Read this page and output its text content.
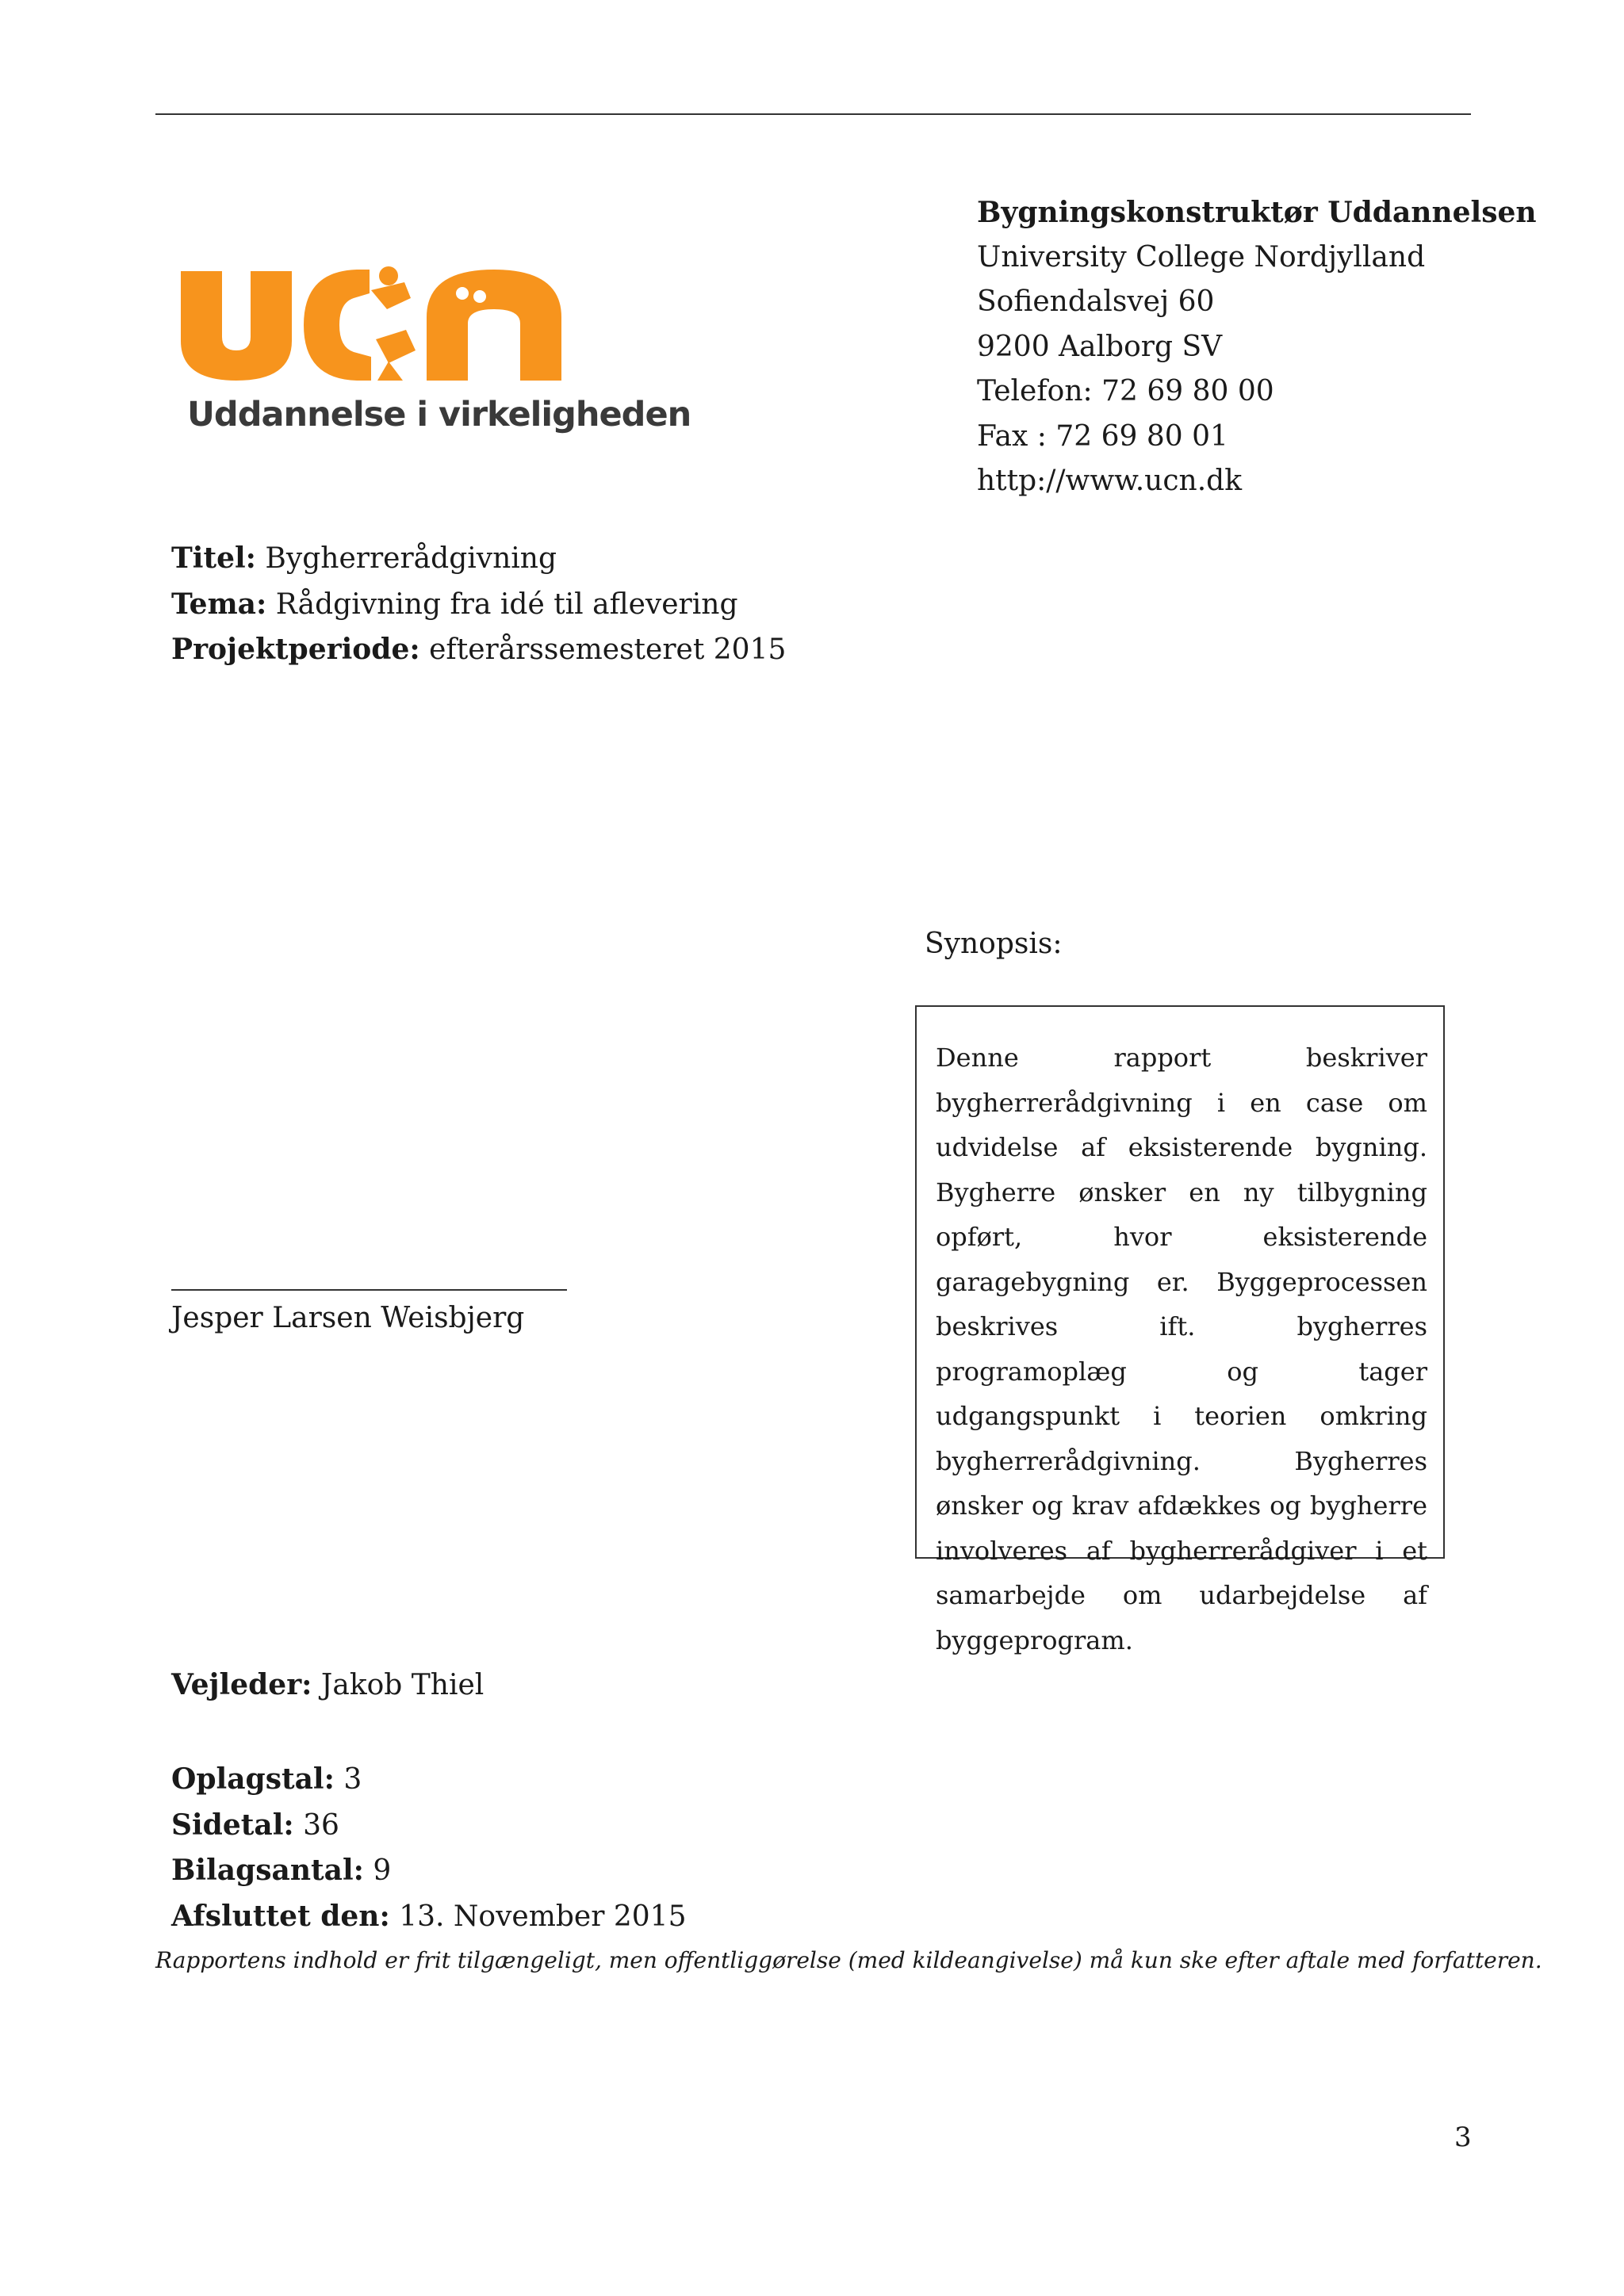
Uddannelse i virkeligheden
Bygningskonstruktør Uddannelsen
University College Nordjylland
Sofiendalsvej 60
9200 Aalborg SV
Telefon: 72 69 80 00
Fax : 72 69 80 01
http://www.ucn.dk
Titel: Bygherrerådgivning
Tema: Rådgivning fra idé til aflevering
Projektperiode: efterårssemesteret 2015
Synopsis:
Denne rapport beskriver bygherrerådgivning i en case om udvidelse af eksisterende bygning. Bygherre ønsker en ny tilbygning opført, hvor eksisterende garagebygning er. Byggeprocessen beskrives ift. bygherres programoplæg og tager udgangspunkt i teorien omkring bygherrerådgivning. Bygherres ønsker og krav afdækkes og bygherre involveres af bygherrerådgiver i et samarbejde om udarbejdelse af byggeprogram.
Jesper Larsen Weisbjerg
Vejleder: Jakob Thiel
Oplagstal: 3
Sidetal: 36
Bilagsantal: 9
Afsluttet den: 13. November 2015
Rapportens indhold er frit tilgængeligt, men offentliggørelse (med kildeangivelse) må kun ske efter aftale med forfatteren.
3
